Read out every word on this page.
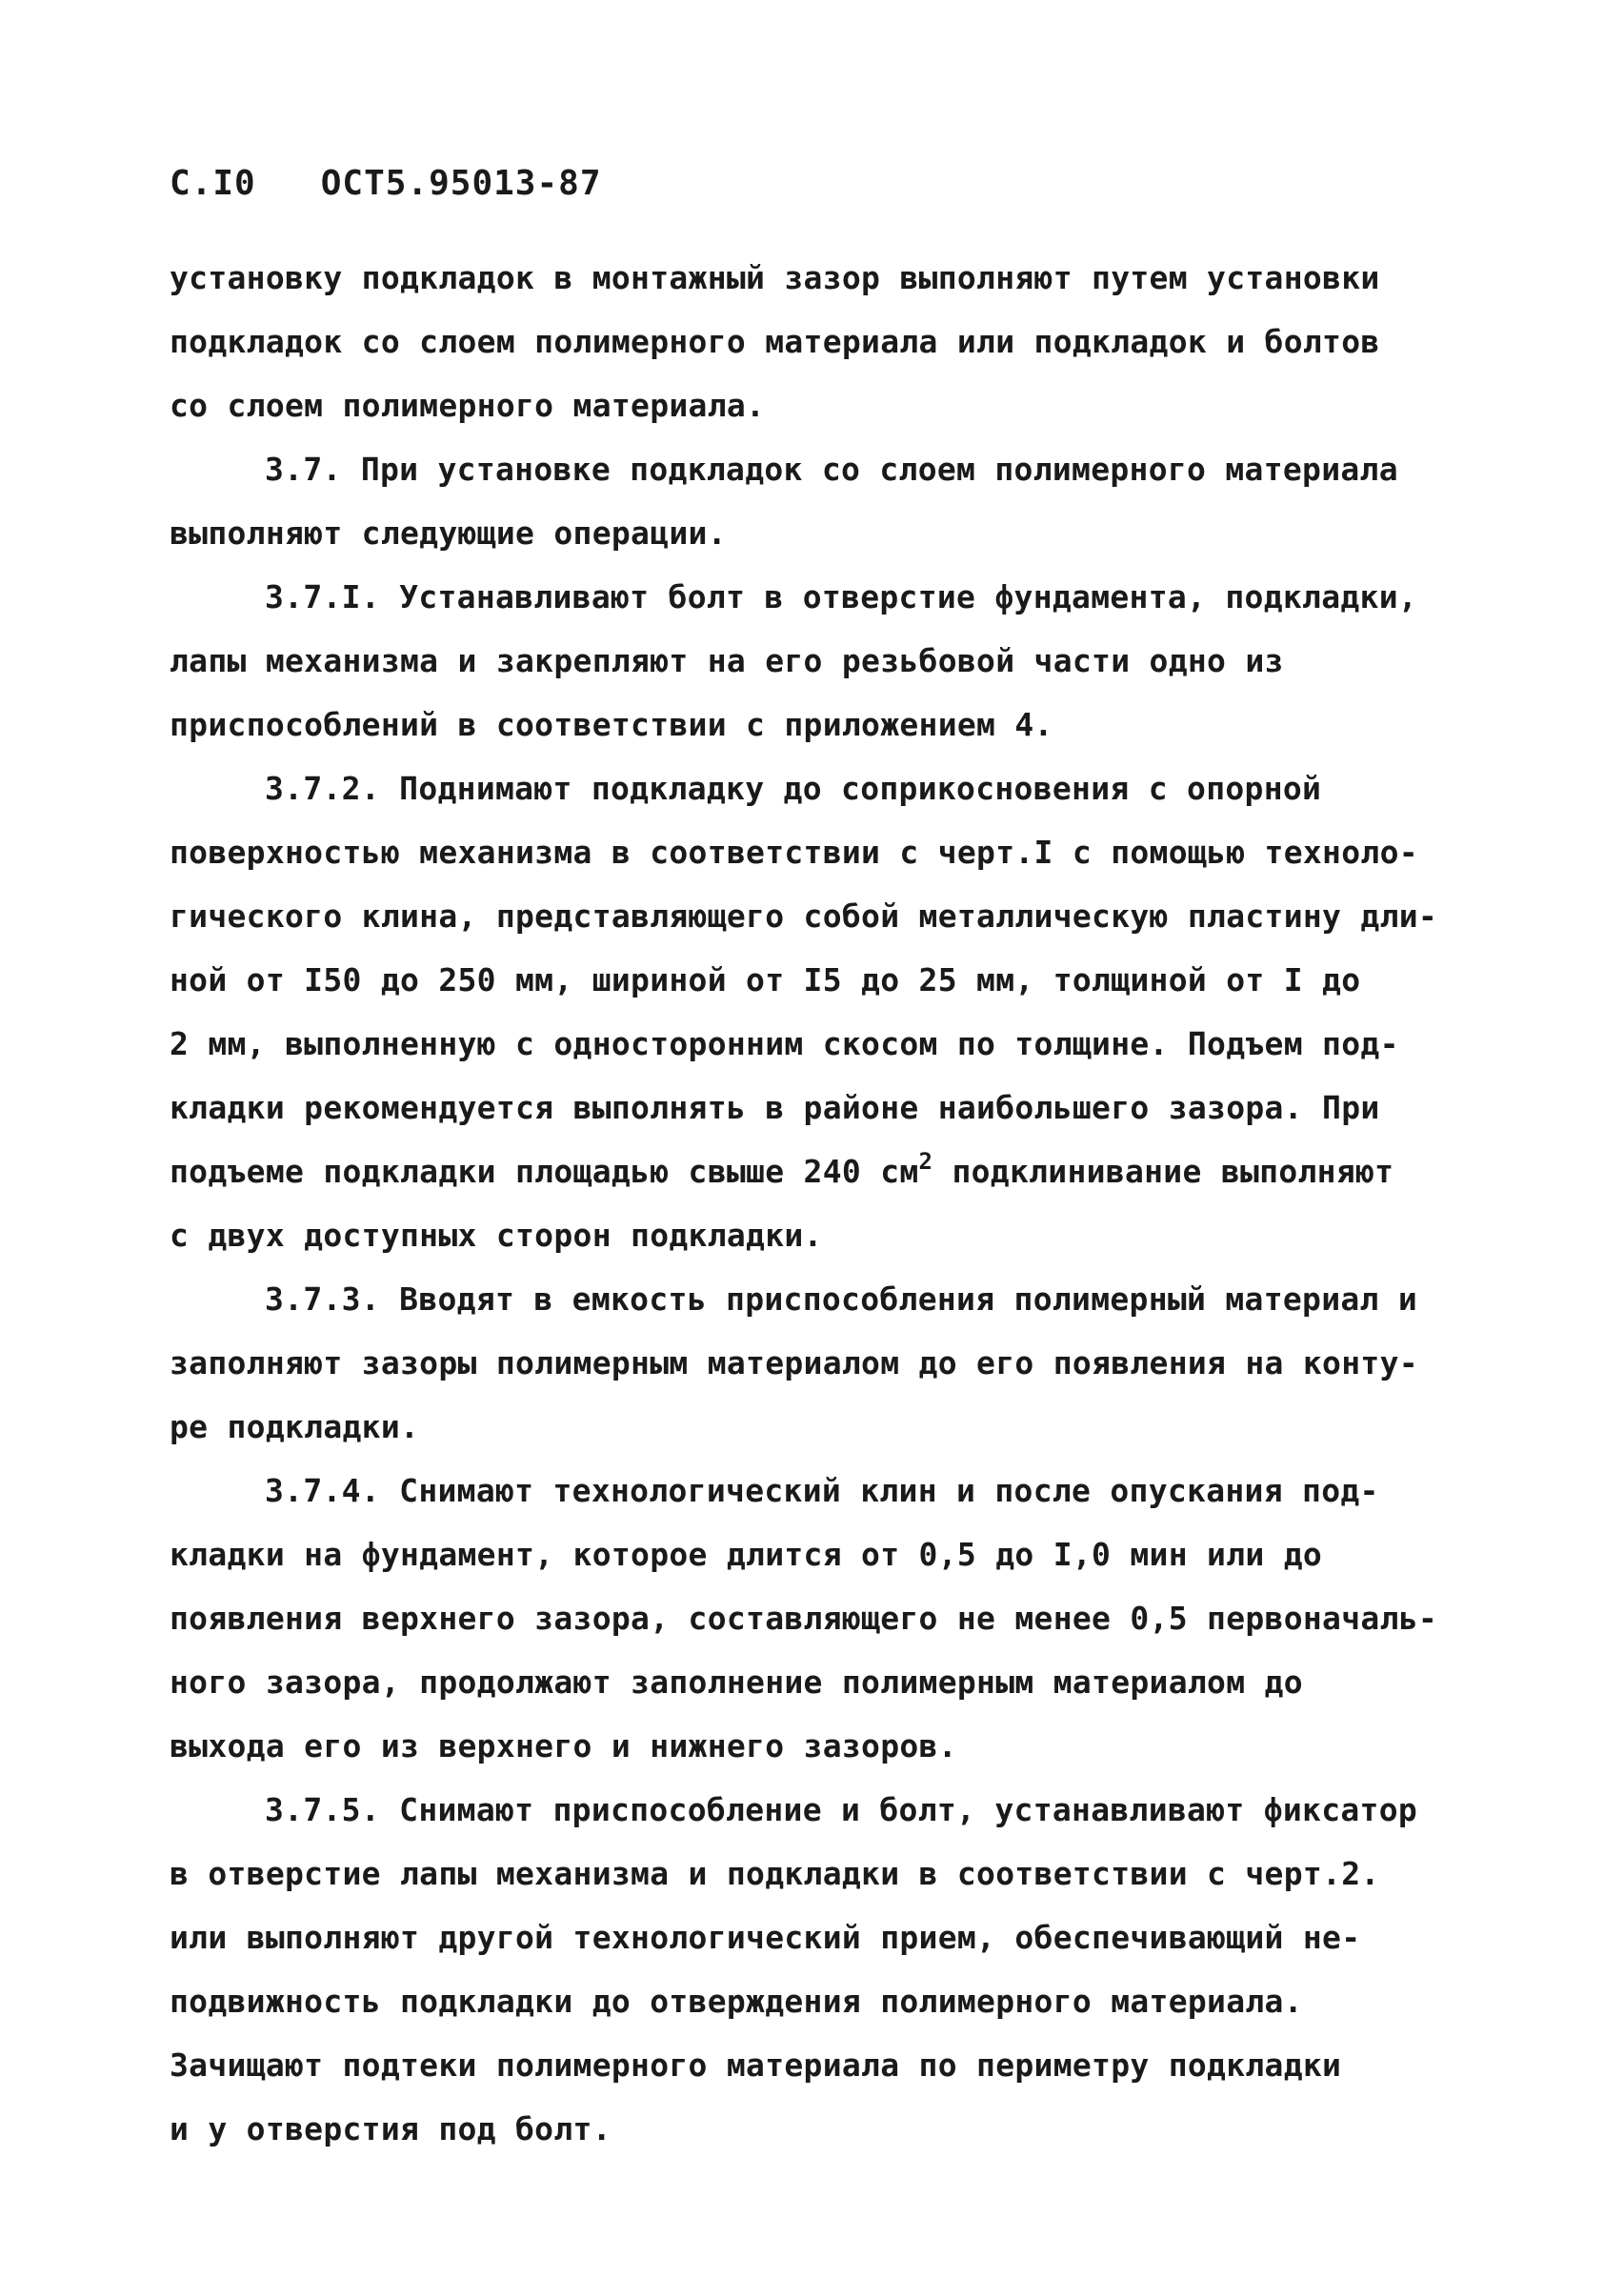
С.I0 ОСТ5.95013-87
установку подкладок в монтажный зазор выполняют путем установки
подкладок со слоем полимерного материала или подкладок и болтов
со слоем полимерного материала.
3.7. При установке подкладок со слоем полимерного материала
выполняют следующие операции.
3.7.I. Устанавливают болт в отверстие фундамента, подкладки,
лапы механизма и закрепляют на его резьбовой части одно из
приспособлений в соответствии с приложением 4.
3.7.2. Поднимают подкладку до соприкосновения с опорной
поверхностью механизма в соответствии с черт.I с помощью техноло-
гического клина, представляющего собой металлическую пластину дли-
ной от I50 до 250 мм, шириной от I5 до 25 мм, толщиной от I до
2 мм, выполненную с односторонним скосом по толщине. Подъем под-
кладки рекомендуется выполнять в районе наибольшего зазора. При
подъеме подкладки площадью свыше 240 $см^2$ подклинивание выполняют
с двух доступных сторон подкладки.
3.7.3. Вводят в емкость приспособления полимерный материал и
заполняют зазоры полимерным материалом до его появления на конту-
ре подкладки.
3.7.4. Снимают технологический клин и после опускания под-
кладки на фундамент, которое длится от 0,5 до I,0 мин или до
появления верхнего зазора, составляющего не менее 0,5 первоначаль-
ного зазора, продолжают заполнение полимерным материалом до
выхода его из верхнего и нижнего зазоров.
3.7.5. Снимают приспособление и болт, устанавливают фиксатор
в отверстие лапы механизма и подкладки в соответствии с черт.2.
или выполняют другой технологический прием, обеспечивающий не-
подвижность подкладки до отверждения полимерного материала.
Зачищают подтеки полимерного материала по периметру подкладки
и у отверстия под болт.
